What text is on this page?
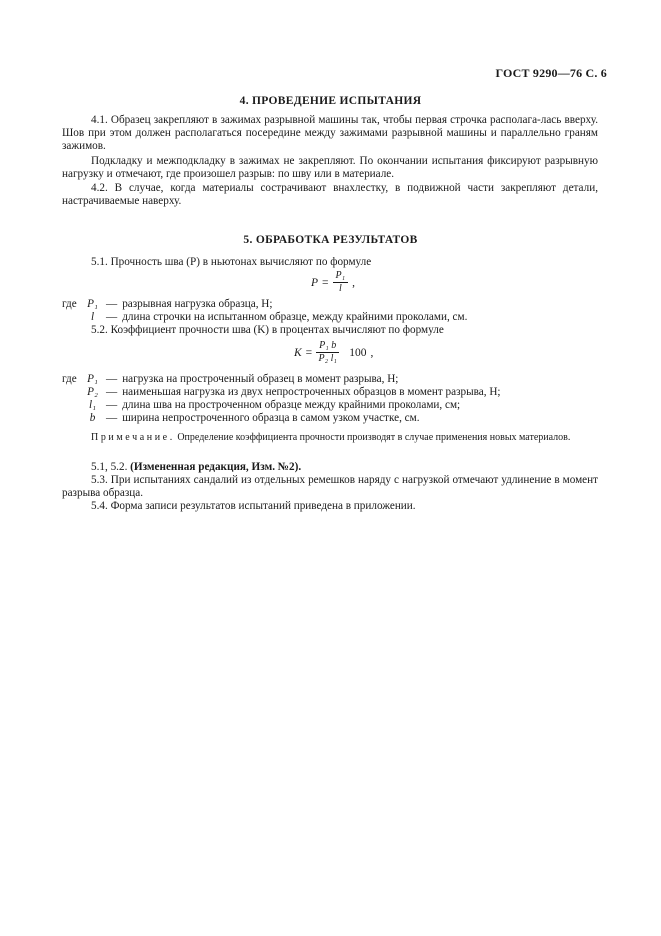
ГОСТ 9290—76 С. 6
4. ПРОВЕДЕНИЕ ИСПЫТАНИЯ
4.1. Образец закрепляют в зажимах разрывной машины так, чтобы первая строчка располага-лась вверху. Шов при этом должен располагаться посередине между зажимами разрывной машины и параллельно граням зажимов.
Подкладку и межподкладку в зажимах не закрепляют. По окончании испытания фиксируют разрывную нагрузку и отмечают, где произошел разрыв: по шву или в материале.
4.2. В случае, когда материалы сострачивают внахлестку, в подвижной части закрепляют детали, настрачиваемые наверху.
5. ОБРАБОТКА РЕЗУЛЬТАТОВ
5.1. Прочность шва (P) в ньютонах вычисляют по формуле
$P = \frac{\text{P₁}}{l}$ ,
где P₁ — разрывная нагрузка образца, Н;
l — длина строчки на испытанном образце, между крайними проколами, см.
5.2. Коэффициент прочности шва (K) в процентах вычисляют по формуле
$K = \frac{\text{P₁ b}}{\text{P₂ l₁}} 100$ ,
где P₁ — нагрузка на простроченный образец в момент разрыва, Н;
P₂ — наименьшая нагрузка из двух непростроченных образцов в момент разрыва, Н;
l₁ — длина шва на простроченном образце между крайними проколами, см;
b — ширина непростроченного образца в самом узком участке, см.
Примечание. Определение коэффициента прочности производят в случае применения новых материалов.
5.1, 5.2. (Измененная редакция, Изм. №2).
5.3. При испытаниях сандалий из отдельных ремешков наряду с нагрузкой отмечают удлинение в момент разрыва образца.
5.4. Форма записи результатов испытаний приведена в приложении.
